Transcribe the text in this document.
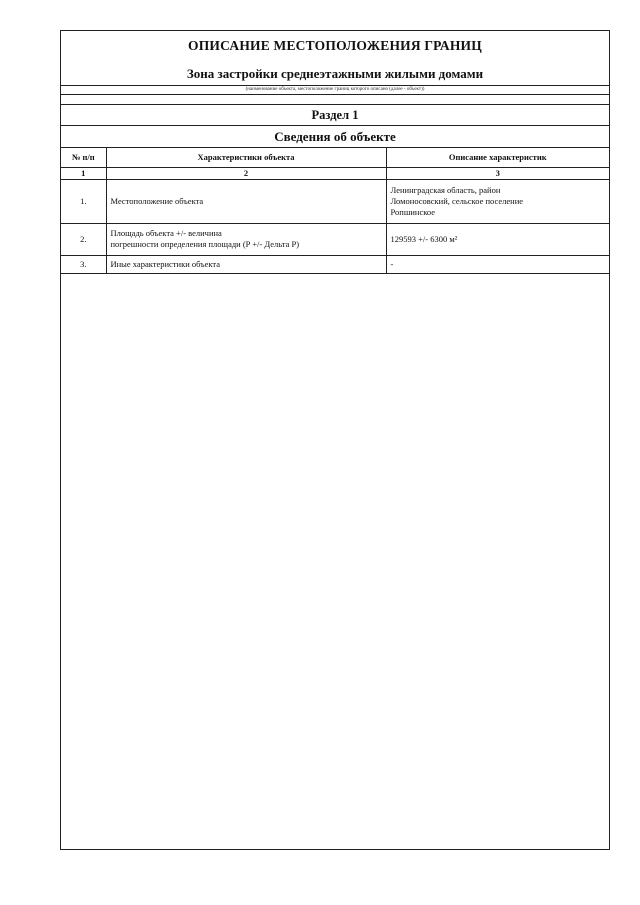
ОПИСАНИЕ МЕСТОПОЛОЖЕНИЯ ГРАНИЦ
Зона застройки среднеэтажными жилыми домами
(наименование объекта, местоположение границ которого описано (далее - объект))
Раздел 1
Сведения об объекте
№ п/п	Характеристики объекта	Описание характеристик
1	2	3
1.	Местоположение объекта	Ленинградская область, район
Ломоносовский, сельское поселение
Ропшинское

2.	Площадь объекта +/- величина
погрешности определения площади (P +/- Дельта P)	129593 +/- 6300 м²
3.	Иные характеристики объекта	-
